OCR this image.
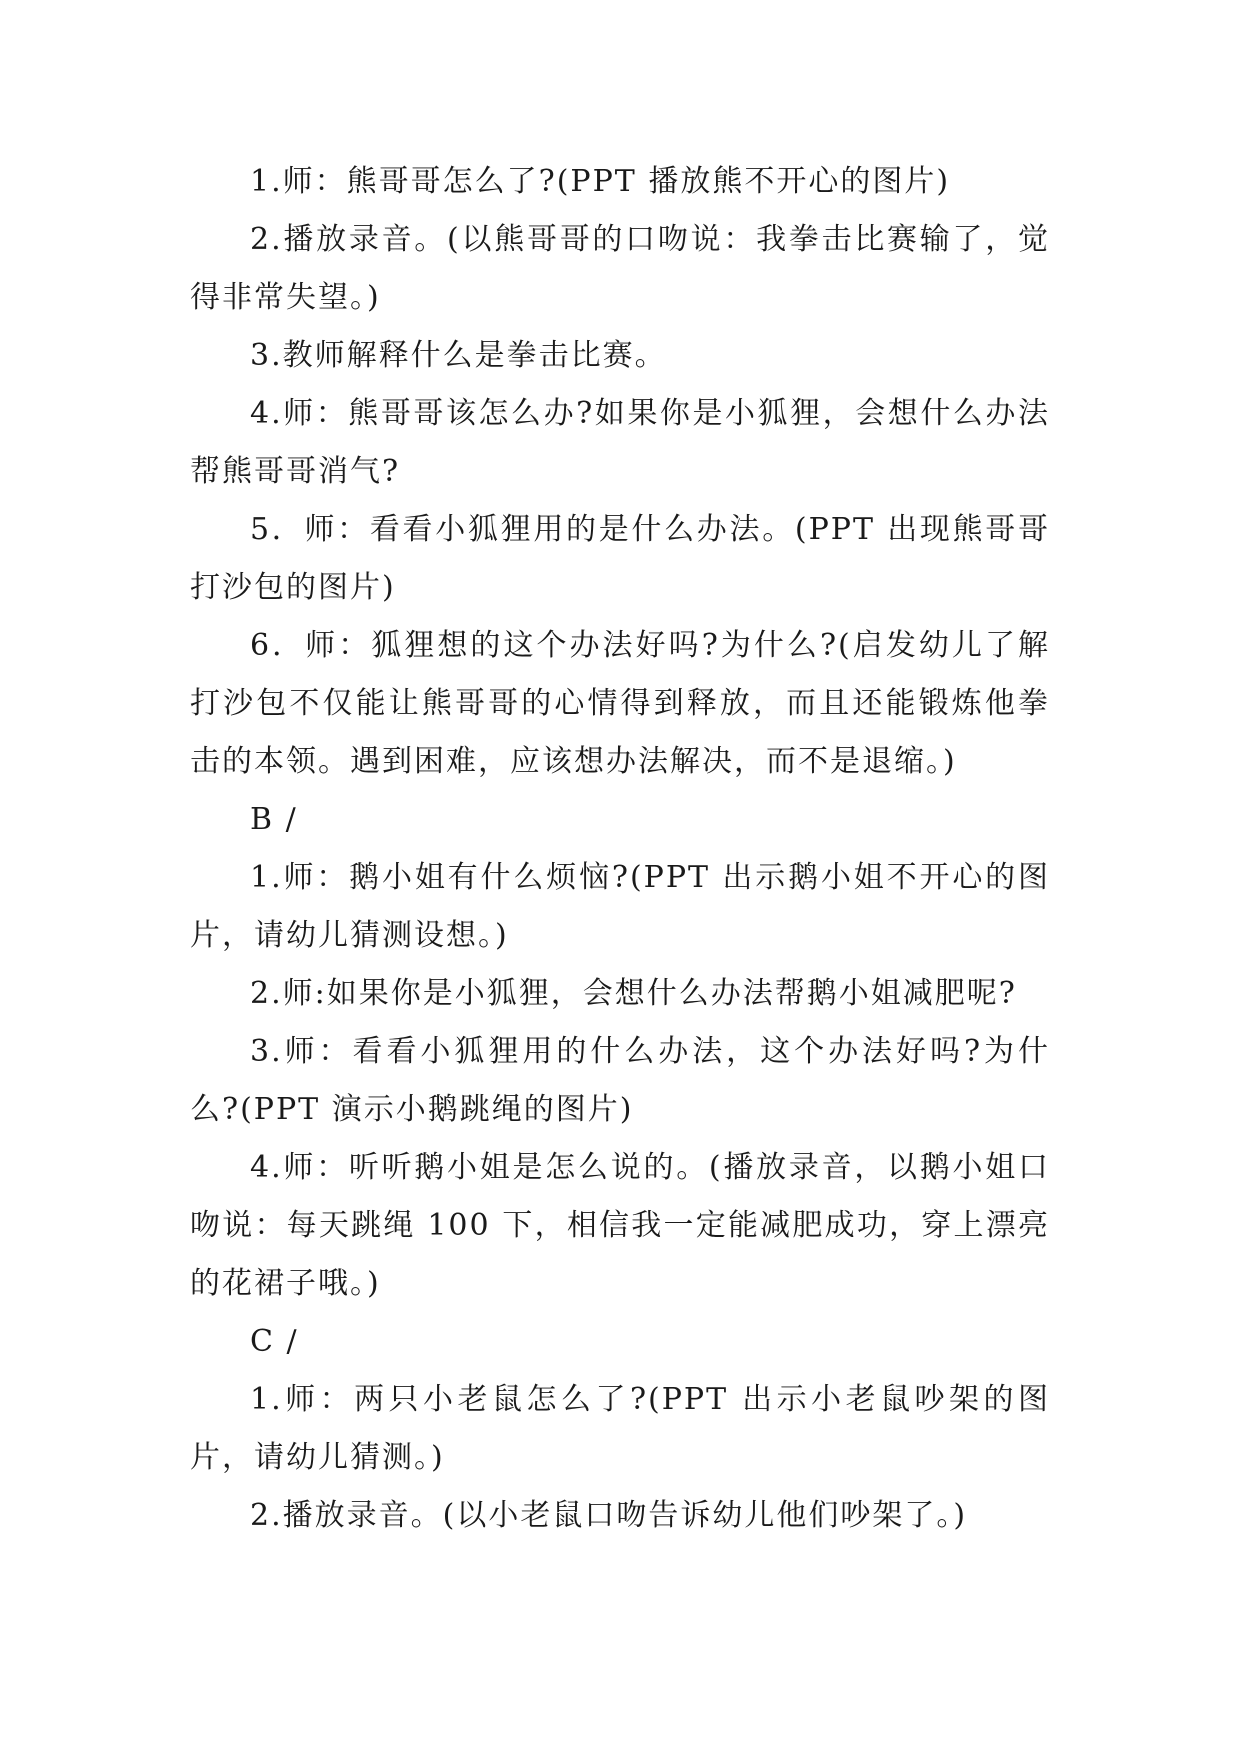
1.师：熊哥哥怎么了?(PPT 播放熊不开心的图片)

2.播放录音。(以熊哥哥的口吻说：我拳击比赛输了，觉得非常失望。)

3.教师解释什么是拳击比赛。

4.师：熊哥哥该怎么办?如果你是小狐狸，会想什么办法帮熊哥哥消气?

5．师：看看小狐狸用的是什么办法。(PPT 出现熊哥哥打沙包的图片)

6．师：狐狸想的这个办法好吗?为什么?(启发幼儿了解打沙包不仅能让熊哥哥的心情得到释放，而且还能锻炼他拳击的本领。遇到困难，应该想办法解决，而不是退缩。)

B /

1.师：鹅小姐有什么烦恼?(PPT 出示鹅小姐不开心的图片，请幼儿猜测设想。)

2.师:如果你是小狐狸，会想什么办法帮鹅小姐减肥呢?

3.师：看看小狐狸用的什么办法，这个办法好吗?为什么?(PPT 演示小鹅跳绳的图片)

4.师：听听鹅小姐是怎么说的。(播放录音，以鹅小姐口吻说：每天跳绳 100 下，相信我一定能减肥成功，穿上漂亮的花裙子哦。)

C /

1.师：两只小老鼠怎么了?(PPT 出示小老鼠吵架的图片，请幼儿猜测。)

2.播放录音。(以小老鼠口吻告诉幼儿他们吵架了。)
